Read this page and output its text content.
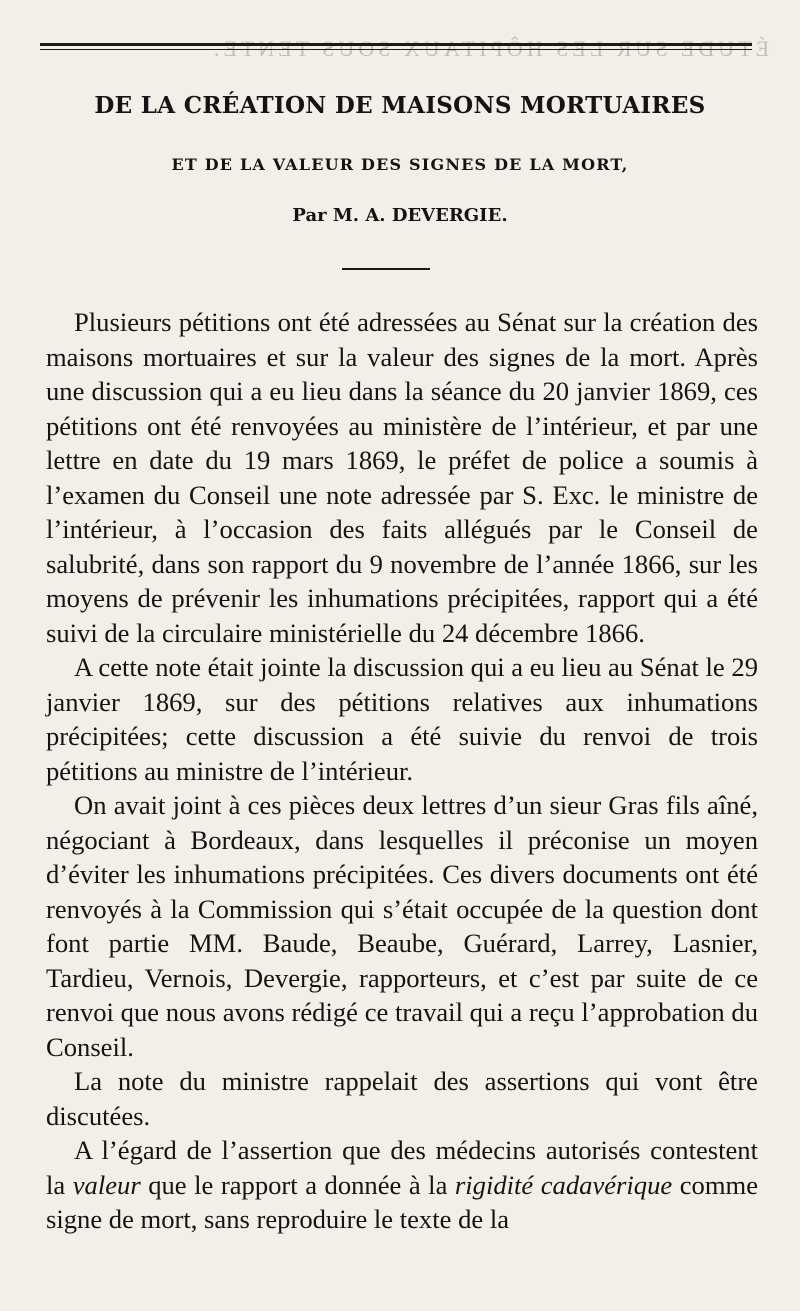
ÉTUDE SUR LES HÔPITAUX SOUS TENTE.
DE LA CRÉATION DE MAISONS MORTUAIRES
ET DE LA VALEUR DES SIGNES DE LA MORT,
Par M. A. DEVERGIE.

Plusieurs pétitions ont été adressées au Sénat sur la création des maisons mortuaires et sur la valeur des signes de la mort. Après une discussion qui a eu lieu dans la séance du 20 janvier 1869, ces pétitions ont été renvoyées au ministère de l’intérieur, et par une lettre en date du 19 mars 1869, le préfet de police a soumis à l’examen du Conseil une note adressée par S. Exc. le ministre de l’intérieur, à l’occasion des faits allégués par le Conseil de salubrité, dans son rapport du 9 novembre de l’année 1866, sur les moyens de prévenir les inhumations précipitées, rapport qui a été suivi de la circulaire ministérielle du 24 décembre 1866.

A cette note était jointe la discussion qui a eu lieu au Sénat le 29 janvier 1869, sur des pétitions relatives aux inhumations précipitées; cette discussion a été suivie du renvoi de trois pétitions au ministre de l’intérieur.

On avait joint à ces pièces deux lettres d’un sieur Gras fils aîné, négociant à Bordeaux, dans lesquelles il préconise un moyen d’éviter les inhumations précipitées. Ces divers documents ont été renvoyés à la Commission qui s’était occupée de la question dont font partie MM. Baude, Beaube, Guérard, Larrey, Lasnier, Tardieu, Vernois, Devergie, rapporteurs, et c’est par suite de ce renvoi que nous avons rédigé ce travail qui a reçu l’approbation du Conseil.

La note du ministre rappelait des assertions qui vont être discutées.

A l’égard de l’assertion que des médecins autorisés contestent la valeur que le rapport a donnée à la rigidité cadavérique comme signe de mort, sans reproduire le texte de la
